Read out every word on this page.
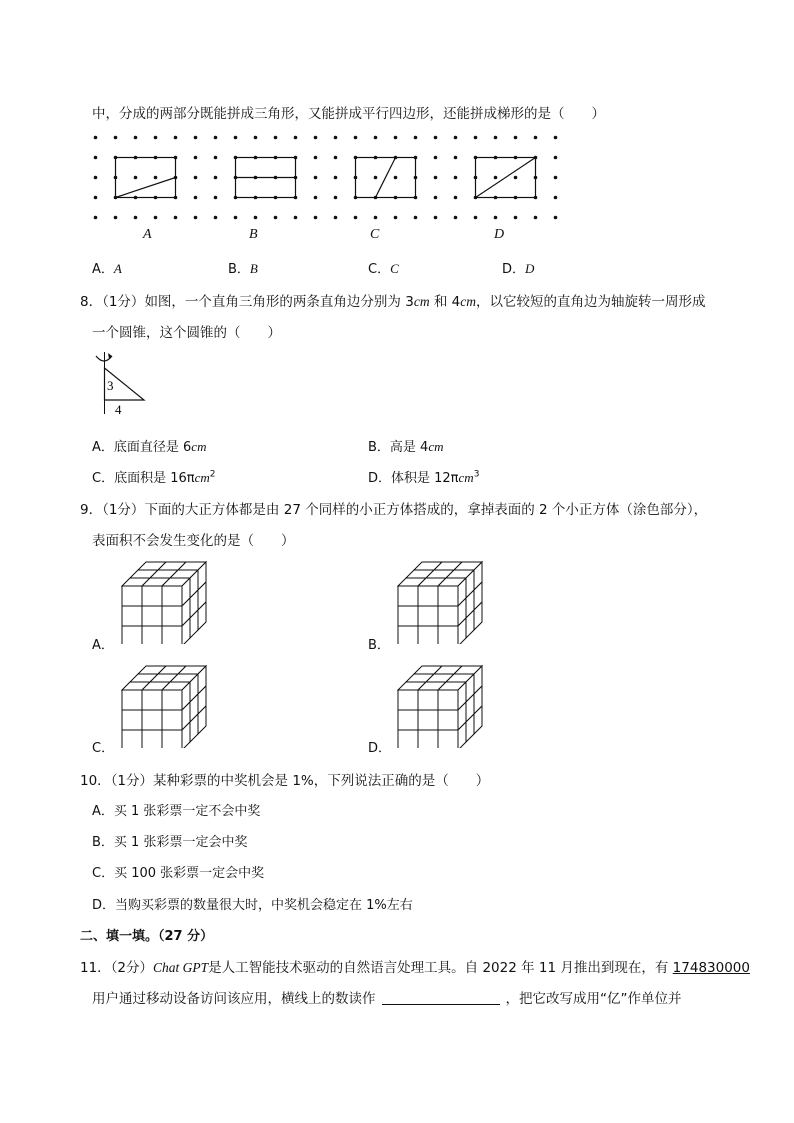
中，分成的两部分既能拼成三角形，又能拼成平行四边形，还能拼成梯形的是（　　）
A	B	C	D
A．A	B．B	C．C	D．D
8．（1分）如图，一个直角三角形的两条直角边分别为 3cm 和 4cm，以它较短的直角边为轴旋转一周形成
一个圆锥，这个圆锥的（　　）
3
4
A．底面直径是 6cm	B．高是 4cm
C．底面积是 16πcm$^2$	D．体积是 12πcm$^3$
9．（1分）下面的大正方体都是由 27 个同样的小正方体搭成的，拿掉表面的 2 个小正方体（涂色部分），
表面积不会发生变化的是（　　）
A．	B．
C．	D．
10．（1分）某种彩票的中奖机会是 1%，下列说法正确的是（　　）
A．买 1 张彩票一定不会中奖
B．买 1 张彩票一定会中奖
C．买 100 张彩票一定会中奖
D．当购买彩票的数量很大时，中奖机会稳定在 1%左右
二、填一填。（27 分）
11．（2分）Chat GPT是人工智能技术驱动的自然语言处理工具。自 2022 年 11 月推出到现在，有 174830000
用户通过移动设备访问该应用，横线上的数读作	，把它改写成用“亿”作单位并
